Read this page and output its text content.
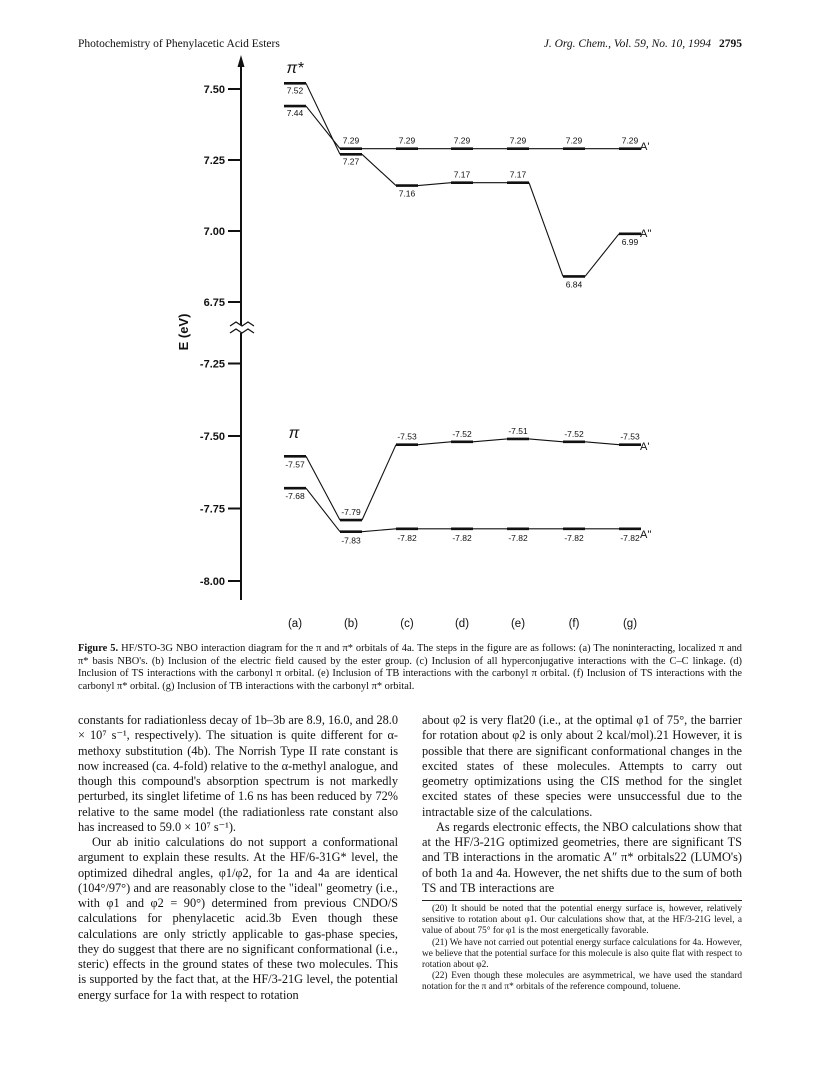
Photochemistry of Phenylacetic Acid Esters	J. Org. Chem., Vol. 59, No. 10, 1994 2795
7.50
7.25
7.00
6.75
-7.25
-7.50
-7.75
-8.00
E (eV)
(a)	(b)	(c)	(d)	(e)	(f)	(g)
π*
π
A'
A''
A'
A''
7.52
7.44
7.29
7.27
7.29	7.29	7.29	7.29	7.29
7.16
7.17	7.17
6.84
6.99
-7.57
-7.68
-7.79
-7.83
-7.53
-7.82
-7.52
-7.82
-7.51
-7.82
-7.52
-7.82
-7.53
-7.82

Figure 5. HF/STO-3G NBO interaction diagram for the π and π* orbitals of 4a. The steps in the figure are as follows: (a) The noninteracting, localized π and π* basis NBO's. (b) Inclusion of the electric field caused by the ester group. (c) Inclusion of all hyperconjugative interactions with the C–C linkage. (d) Inclusion of TS interactions with the carbonyl π orbital. (e) Inclusion of TB interactions with the carbonyl π orbital. (f) Inclusion of TS interactions with the carbonyl π* orbital. (g) Inclusion of TB interactions with the carbonyl π* orbital.

constants for radiationless decay of 1b–3b are 8.9, 16.0, and 28.0 × 10⁷ s⁻¹, respectively). The situation is quite different for α-methoxy substitution (4b). The Norrish Type II rate constant is now increased (ca. 4-fold) relative to the α-methyl analogue, and though this compound's absorption spectrum is not markedly perturbed, its singlet lifetime of 1.6 ns has been reduced by 72% relative to the same model (the radiationless rate constant also has increased to 59.0 × 10⁷ s⁻¹).

Our ab initio calculations do not support a conformational argument to explain these results. At the HF/6-31G* level, the optimized dihedral angles, φ1/φ2, for 1a and 4a are identical (104°/97°) and are reasonably close to the "ideal" geometry (i.e., with φ1 and φ2 = 90°) determined from previous CNDO/S calculations for phenylacetic acid.3b Even though these calculations are only strictly applicable to gas-phase species, they do suggest that there are no significant conformational (i.e., steric) effects in the ground states of these two molecules. This is supported by the fact that, at the HF/3-21G level, the potential energy surface for 1a with respect to rotation

about φ2 is very flat20 (i.e., at the optimal φ1 of 75°, the barrier for rotation about φ2 is only about 2 kcal/mol).21 However, it is possible that there are significant conformational changes in the excited states of these molecules. Attempts to carry out geometry optimizations using the CIS method for the singlet excited states of these species were unsuccessful due to the intractable size of the calculations.

As regards electronic effects, the NBO calculations show that at the HF/3-21G optimized geometries, there are significant TS and TB interactions in the aromatic A″ π* orbitals22 (LUMO's) of both 1a and 4a. However, the net shifts due to the sum of both TS and TB interactions are

(20) It should be noted that the potential energy surface is, however, relatively sensitive to rotation about φ1. Our calculations show that, at the HF/3-21G level, a value of about 75° for φ1 is the most energetically favorable.

(21) We have not carried out potential energy surface calculations for 4a. However, we believe that the potential surface for this molecule is also quite flat with respect to rotation about φ2.

(22) Even though these molecules are asymmetrical, we have used the standard notation for the π and π* orbitals of the reference compound, toluene.
